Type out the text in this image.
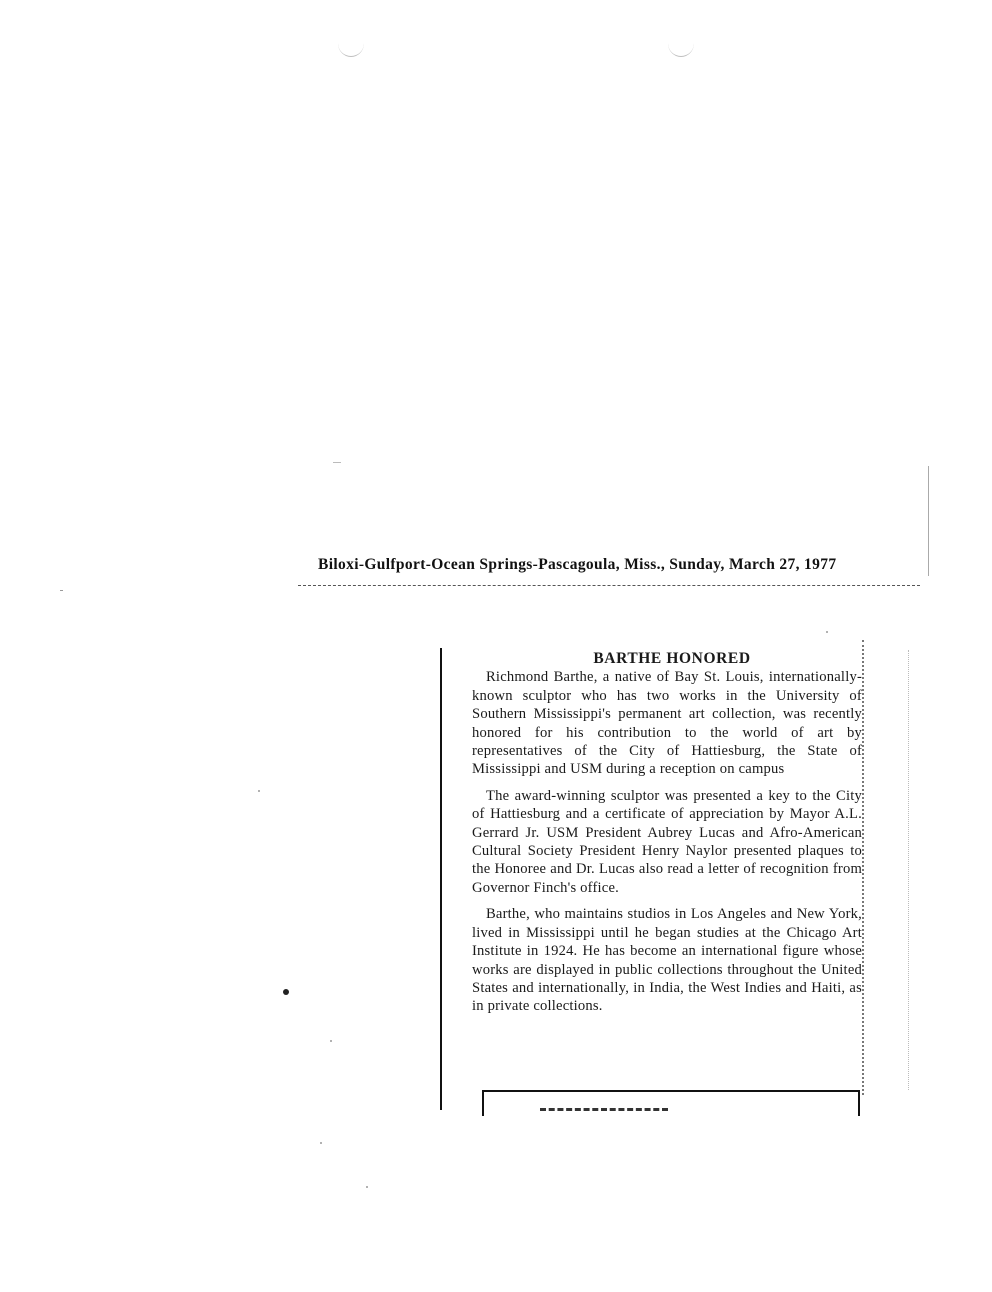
Biloxi-Gulfport-Ocean Springs-Pascagoula, Miss., Sunday, March 27, 1977
BARTHE HONORED

Richmond Barthe, a native of Bay St. Louis, internationally-known sculptor who has two works in the University of Southern Mississippi's permanent art collection, was recently honored for his contribution to the world of art by representatives of the City of Hattiesburg, the State of Mississippi and USM during a reception on campus

The award-winning sculptor was presented a key to the City of Hattiesburg and a certificate of appreciation by Mayor A.L. Gerrard Jr. USM President Aubrey Lucas and Afro-American Cultural Society President Henry Naylor presented plaques to the Honoree and Dr. Lucas also read a letter of recognition from Governor Finch's office.

Barthe, who maintains studios in Los Angeles and New York, lived in Mississippi until he began studies at the Chicago Art Institute in 1924. He has become an international figure whose works are displayed in public collections throughout the United States and internationally, in India, the West Indies and Haiti, as in private collections.
